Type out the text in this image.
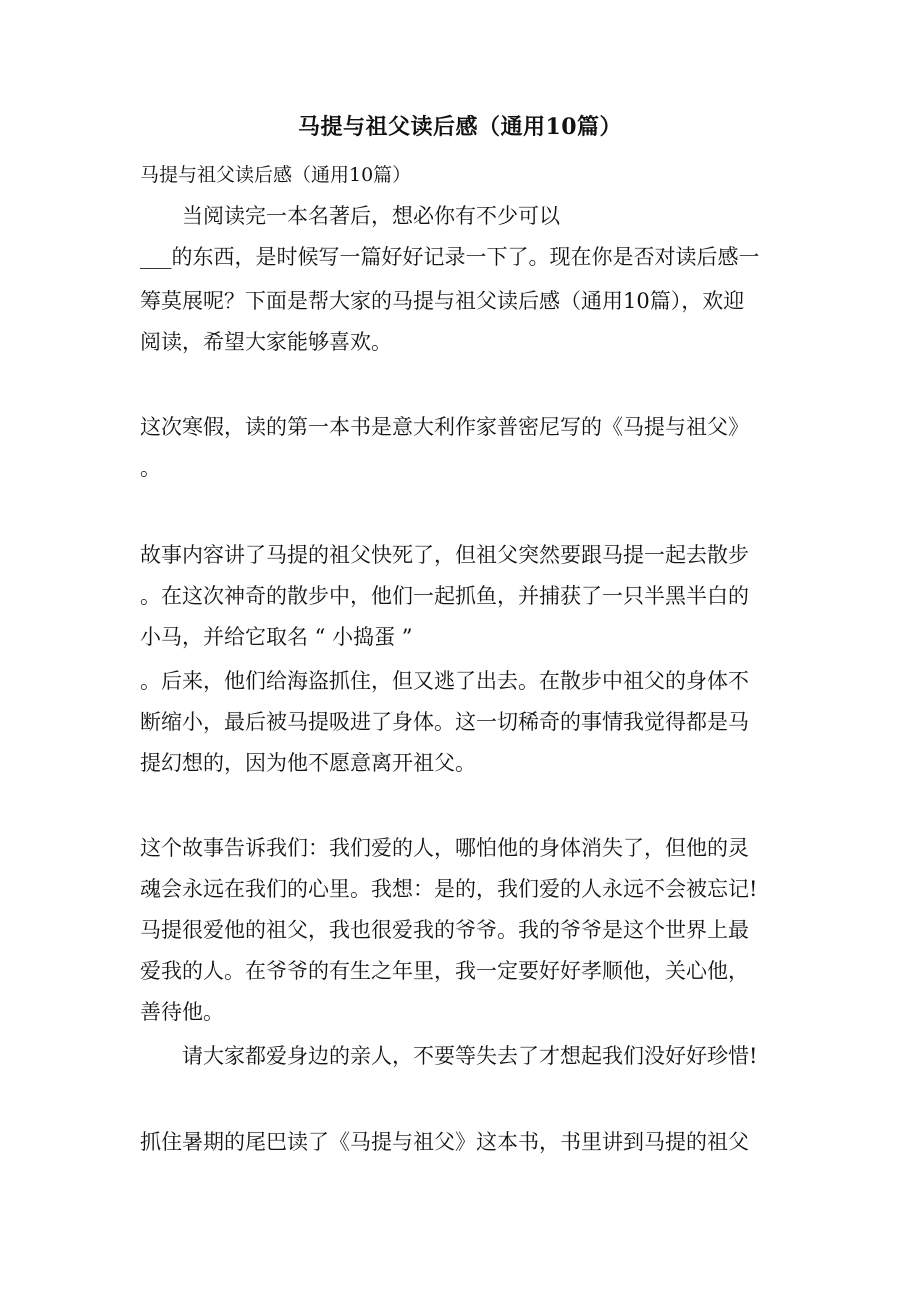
马提与祖父读后感（通用10篇）
马提与祖父读后感（通用10篇）
当阅读完一本名著后，想必你有不少可以
___的东西，是时候写一篇好好记录一下了。现在你是否对读后感一
筹莫展呢？下面是帮大家的马提与祖父读后感（通用10篇），欢迎
阅读，希望大家能够喜欢。
这次寒假，读的第一本书是意大利作家普密尼写的《马提与祖父》
。
故事内容讲了马提的祖父快死了，但祖父突然要跟马提一起去散步
。在这次神奇的散步中，他们一起抓鱼，并捕获了一只半黑半白的
小马，并给它取名 “ 小捣蛋 ”
。后来，他们给海盗抓住，但又逃了出去。在散步中祖父的身体不
断缩小，最后被马提吸进了身体。这一切稀奇的事情我觉得都是马
提幻想的，因为他不愿意离开祖父。
这个故事告诉我们：我们爱的人，哪怕他的身体消失了，但他的灵
魂会永远在我们的心里。我想：是的，我们爱的人永远不会被忘记!
马提很爱他的祖父，我也很爱我的爷爷。我的爷爷是这个世界上最
爱我的人。在爷爷的有生之年里，我一定要好好孝顺他，关心他，
善待他。
请大家都爱身边的亲人，不要等失去了才想起我们没好好珍惜!
抓住暑期的尾巴读了《马提与祖父》这本书，书里讲到马提的祖父
